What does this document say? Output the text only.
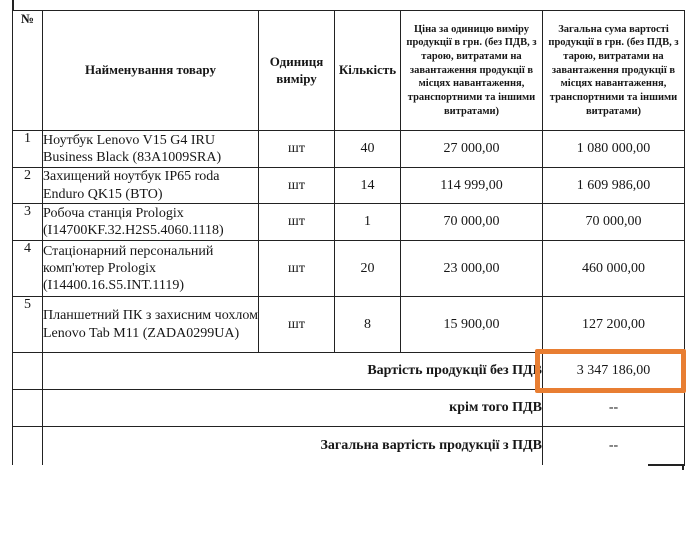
№	Найменування товару	Одиниця виміру	Кількість	Ціна за одиницю виміру продукції в грн. (без ПДВ, з тарою, витратами на завантаження продукції в місцях навантаження, транспортними та іншими витратами)	Загальна сума вартості продукції в грн. (без ПДВ, з тарою, витратами на завантаження продукції в місцях навантаження, транспортними та іншими витратами)
1	Ноутбук Lenovo V15 G4 IRU Business Black (83A1009SRA)	шт	40	27 000,00	1 080 000,00
2	Захищений ноутбук IP65 roda Enduro QK15 (BTO)	шт	14	114 999,00	1 609 986,00
3	Робоча станція Prologix (I14700KF.32.H2S5.4060.1118)	шт	1	70 000,00	70 000,00
4	Стаціонарний персональний комп'ютер Prologix (I14400.16.S5.INT.1119)	шт	20	23 000,00	460 000,00
5	Планшетний ПК з захисним чохлом Lenovo Tab M11 (ZADA0299UA)	шт	8	15 900,00	127 200,00
	Вартість продукції без ПДВ				3 347 186,00
	крім того ПДВ				--
	Загальна вартість продукції з ПДВ				--
